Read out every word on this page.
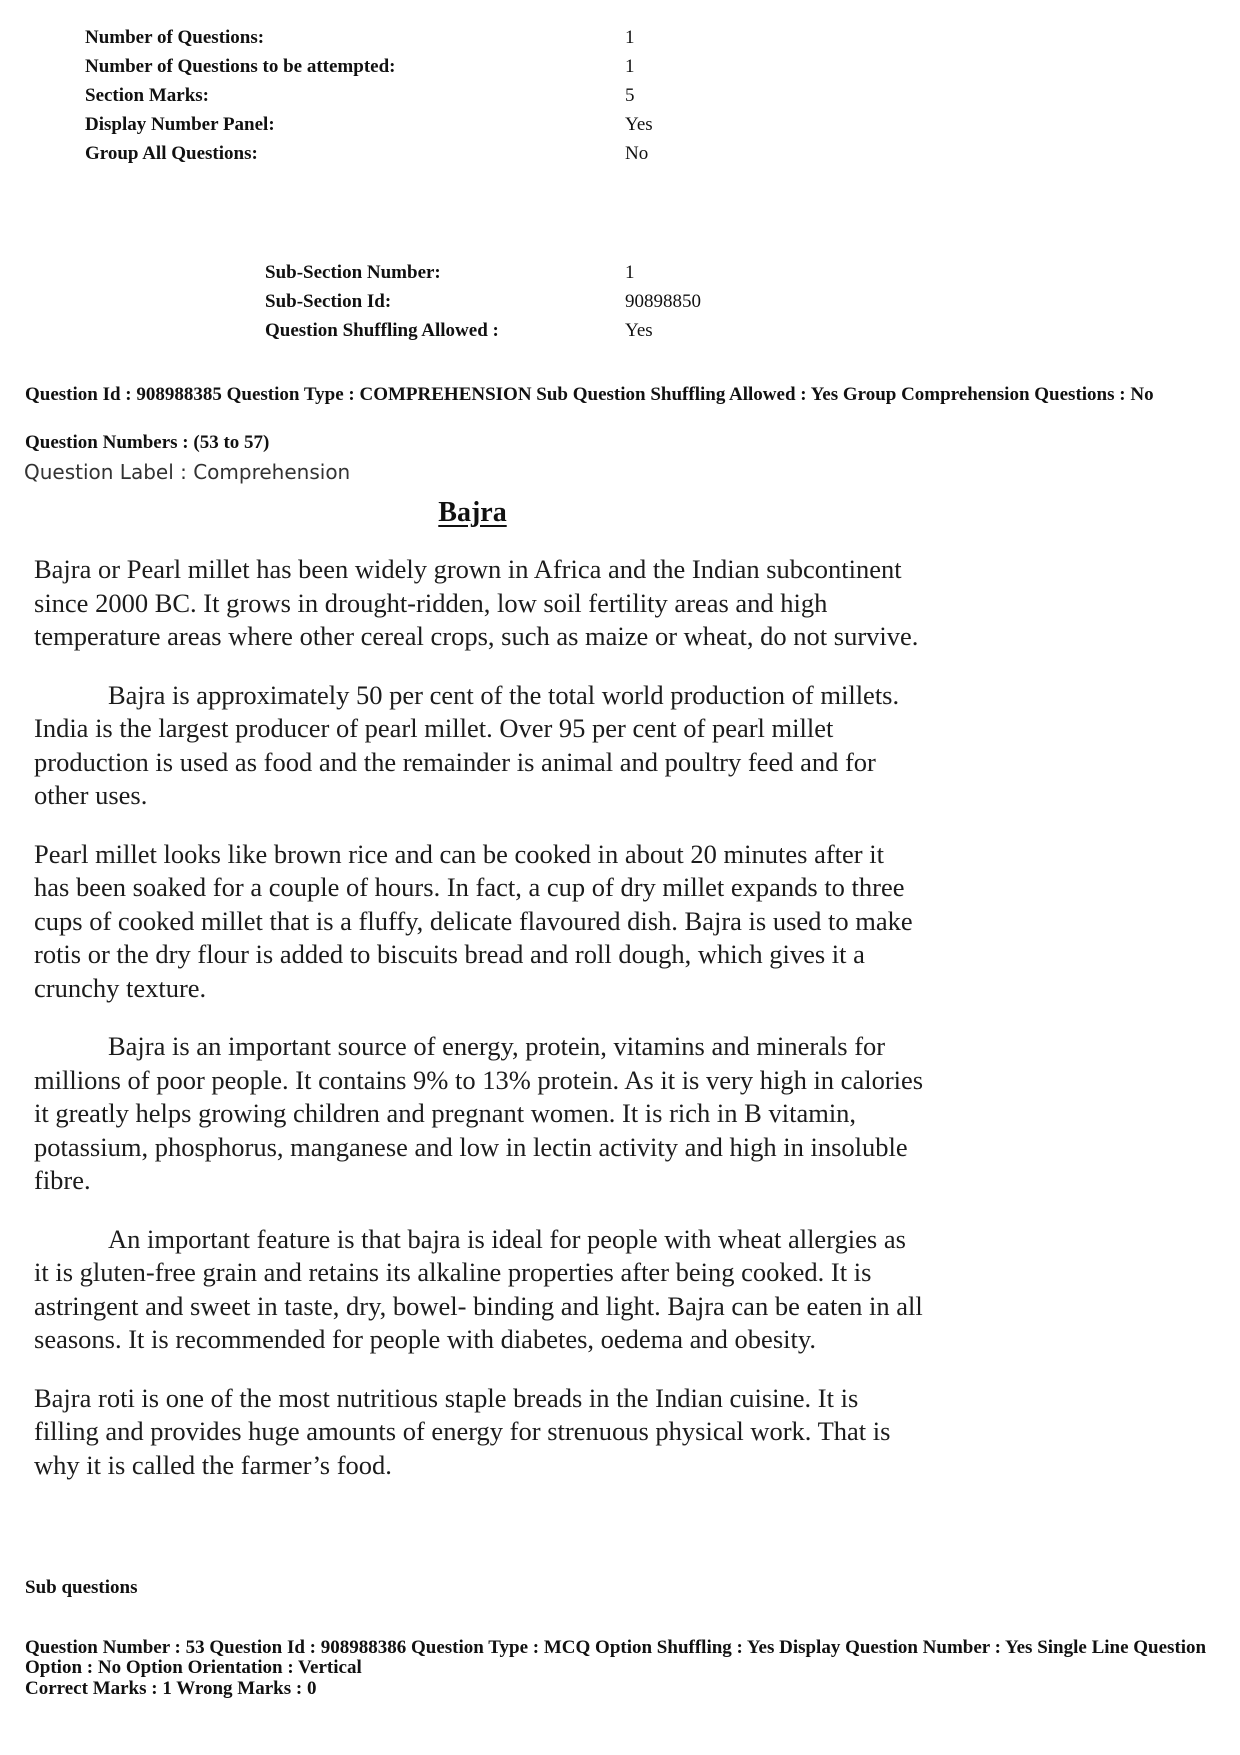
Number of Questions:	1
Number of Questions to be attempted:	1
Section Marks:	5
Display Number Panel:	Yes
Group All Questions:	No
Sub-Section Number:	1
Sub-Section Id:	90898850
Question Shuffling Allowed :	Yes
Question Id : 908988385 Question Type : COMPREHENSION Sub Question Shuffling Allowed : Yes Group Comprehension Questions : No
Question Numbers : (53 to 57)
Question Label : Comprehension
Bajra

Bajra or Pearl millet has been widely grown in Africa and the Indian subcontinent since 2000 BC. It grows in drought-ridden, low soil fertility areas and high temperature areas where other cereal crops, such as maize or wheat, do not survive.

Bajra is approximately 50 per cent of the total world production of millets. India is the largest producer of pearl millet. Over 95 per cent of pearl millet production is used as food and the remainder is animal and poultry feed and for other uses.

Pearl millet looks like brown rice and can be cooked in about 20 minutes after it has been soaked for a couple of hours. In fact, a cup of dry millet expands to three cups of cooked millet that is a fluffy, delicate flavoured dish. Bajra is used to make rotis or the dry flour is added to biscuits bread and roll dough, which gives it a crunchy texture.

Bajra is an important source of energy, protein, vitamins and minerals for millions of poor people. It contains 9% to 13% protein. As it is very high in calories it greatly helps growing children and pregnant women. It is rich in B vitamin, potassium, phosphorus, manganese and low in lectin activity and high in insoluble fibre.

An important feature is that bajra is ideal for people with wheat allergies as it is gluten-free grain and retains its alkaline properties after being cooked. It is astringent and sweet in taste, dry, bowel- binding and light. Bajra can be eaten in all seasons. It is recommended for people with diabetes, oedema and obesity.

Bajra roti is one of the most nutritious staple breads in the Indian cuisine. It is filling and provides huge amounts of energy for strenuous physical work. That is why it is called the farmer’s food.

Sub questions
Question Number : 53 Question Id : 908988386 Question Type : MCQ Option Shuffling : Yes Display Question Number : Yes Single Line Question Option : No Option Orientation : Vertical
Correct Marks : 1 Wrong Marks : 0
